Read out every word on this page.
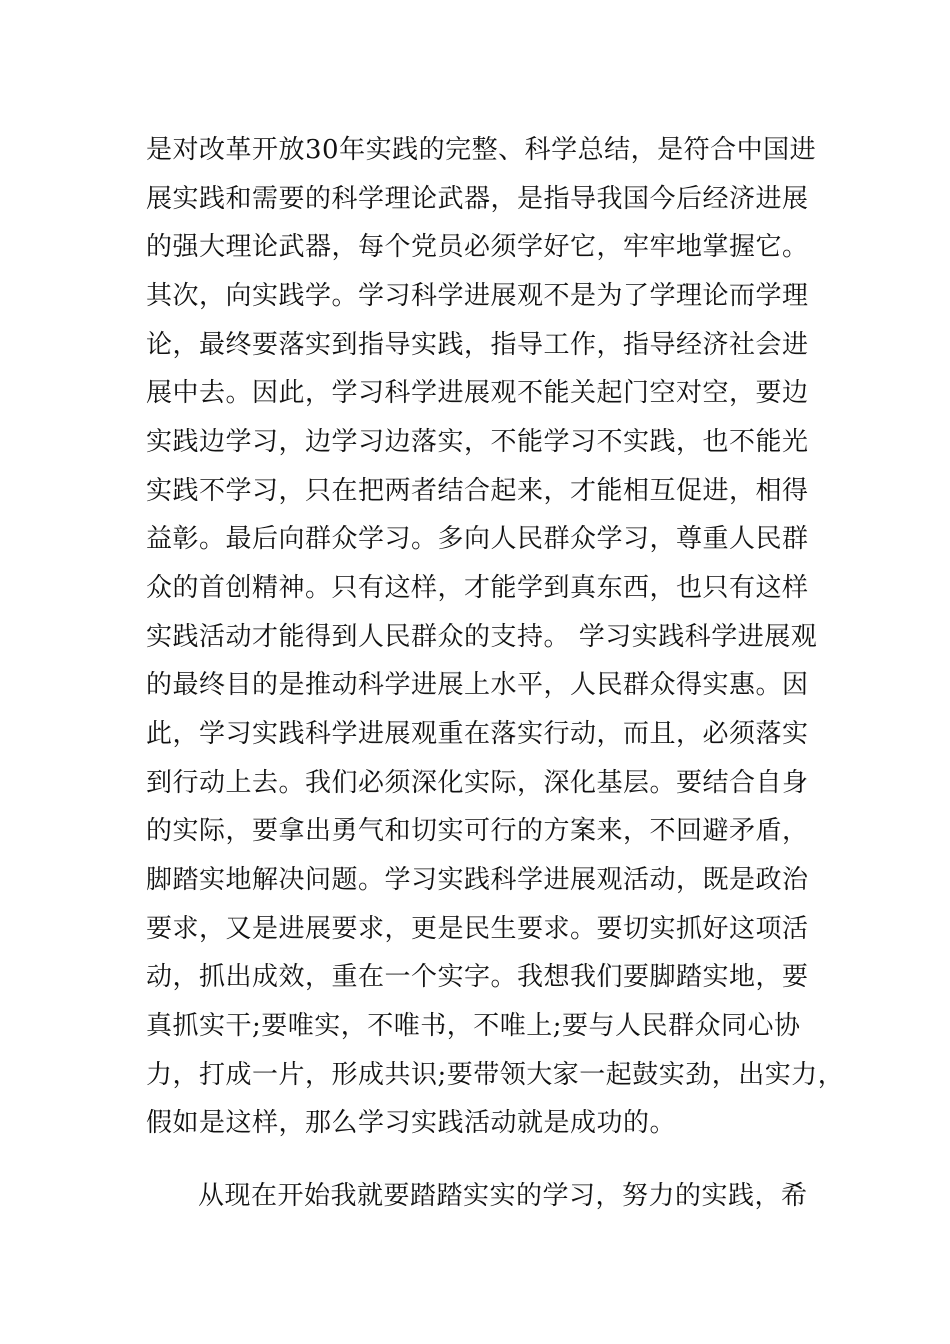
是对改革开放30年实践的完整、科学总结，是符合中国进
展实践和需要的科学理论武器，是指导我国今后经济进展
的强大理论武器，每个党员必须学好它，牢牢地掌握它。
其次，向实践学。学习科学进展观不是为了学理论而学理
论，最终要落实到指导实践，指导工作，指导经济社会进
展中去。因此，学习科学进展观不能关起门空对空，要边
实践边学习，边学习边落实，不能学习不实践，也不能光
实践不学习，只在把两者结合起来，才能相互促进，相得
益彰。最后向群众学习。多向人民群众学习，尊重人民群
众的首创精神。只有这样，才能学到真东西，也只有这样
实践活动才能得到人民群众的支持。 学习实践科学进展观
的最终目的是推动科学进展上水平，人民群众得实惠。因
此，学习实践科学进展观重在落实行动，而且，必须落实
到行动上去。我们必须深化实际，深化基层。要结合自身
的实际，要拿出勇气和切实可行的方案来，不回避矛盾，
脚踏实地解决问题。学习实践科学进展观活动，既是政治
要求，又是进展要求，更是民生要求。要切实抓好这项活
动，抓出成效，重在一个实字。我想我们要脚踏实地，要
真抓实干;要唯实，不唯书，不唯上;要与人民群众同心协
力，打成一片，形成共识;要带领大家一起鼓实劲，出实力，
假如是这样，那么学习实践活动就是成功的。
从现在开始我就要踏踏实实的学习，努力的实践，希
